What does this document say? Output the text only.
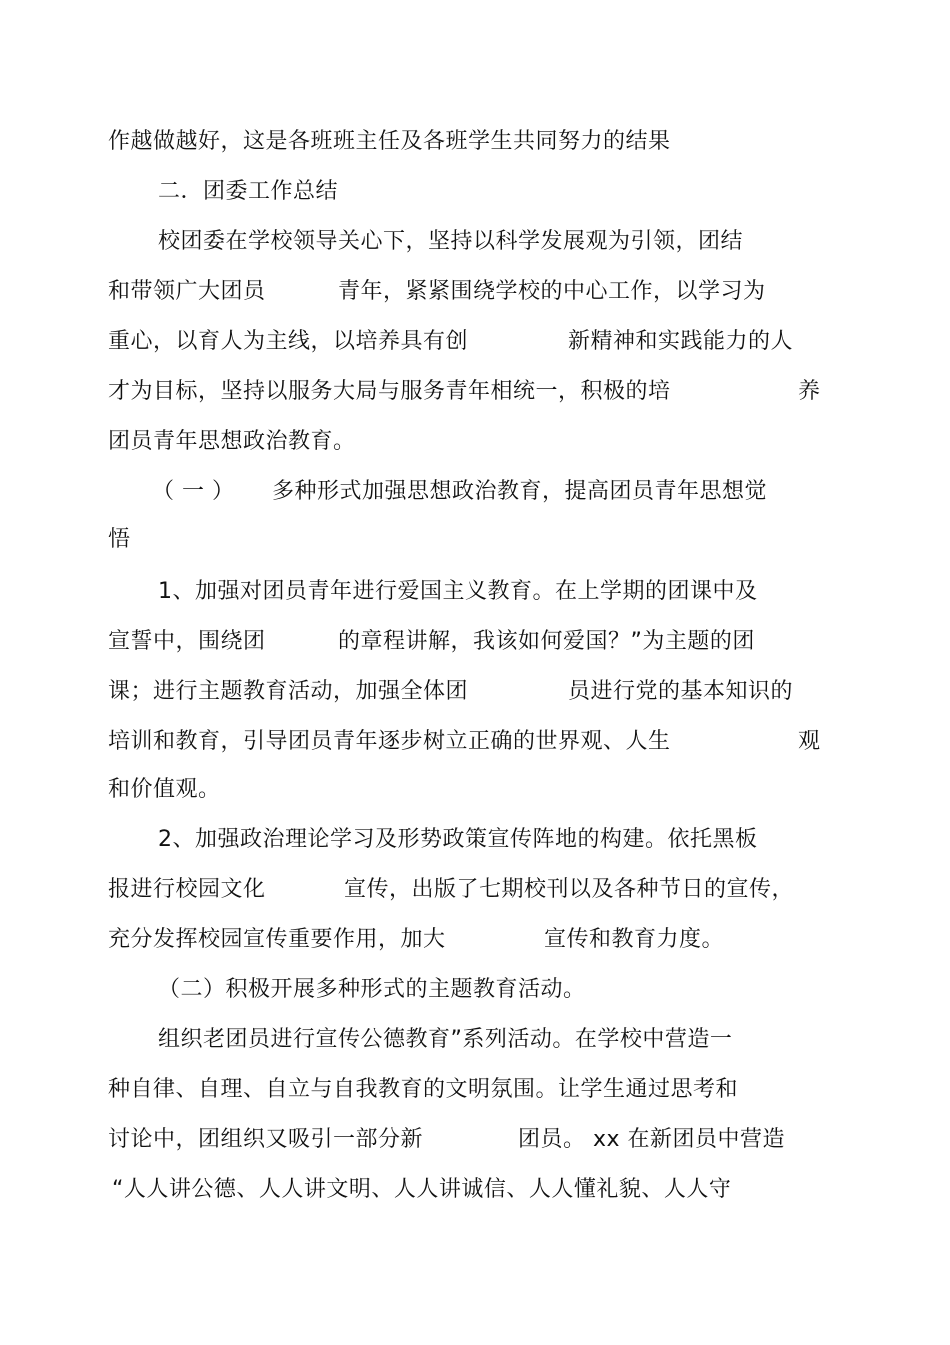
作越做越好，这是各班班主任及各班学生共同努力的结果

二．团委工作总结

校团委在学校领导关心下，坚持以科学发展观为引领，团结

和带领广大团员

	青年，紧紧围绕学校的中心工作，以学习为

重心，以育人为主线，以培养具有创

	新精神和实践能力的人

才为目标，坚持以服务大局与服务青年相统一，积极的培

	养

团员青年思想政治教育。

（ 一 ）

多种形式加强思想政治教育，提高团员青年思想觉

悟

1、加强对团员青年进行爱国主义教育。在上学期的团课中及

宣誓中，围绕团

	的章程讲解，我该如何爱国？”为主题的团

课；进行主题教育活动，加强全体团

	员进行党的基本知识的

培训和教育，引导团员青年逐步树立正确的世界观、人生

	观

和价值观。

2、加强政治理论学习及形势政策宣传阵地的构建。依托黑板

报进行校园文化

	宣传，出版了七期校刊以及各种节日的宣传，

充分发挥校园宣传重要作用，加大

	宣传和教育力度。

（二）积极开展多种形式的主题教育活动。

组织老团员进行宣传公德教育”系列活动。在学校中营造一

种自律、自理、自立与自我教育的文明氛围。让学生通过思考和

讨论中，团组织又吸引一部分新

	团员。 xx 在新团员中营造

“人人讲公德、人人讲文明、人人讲诚信、人人懂礼貌、人人守
